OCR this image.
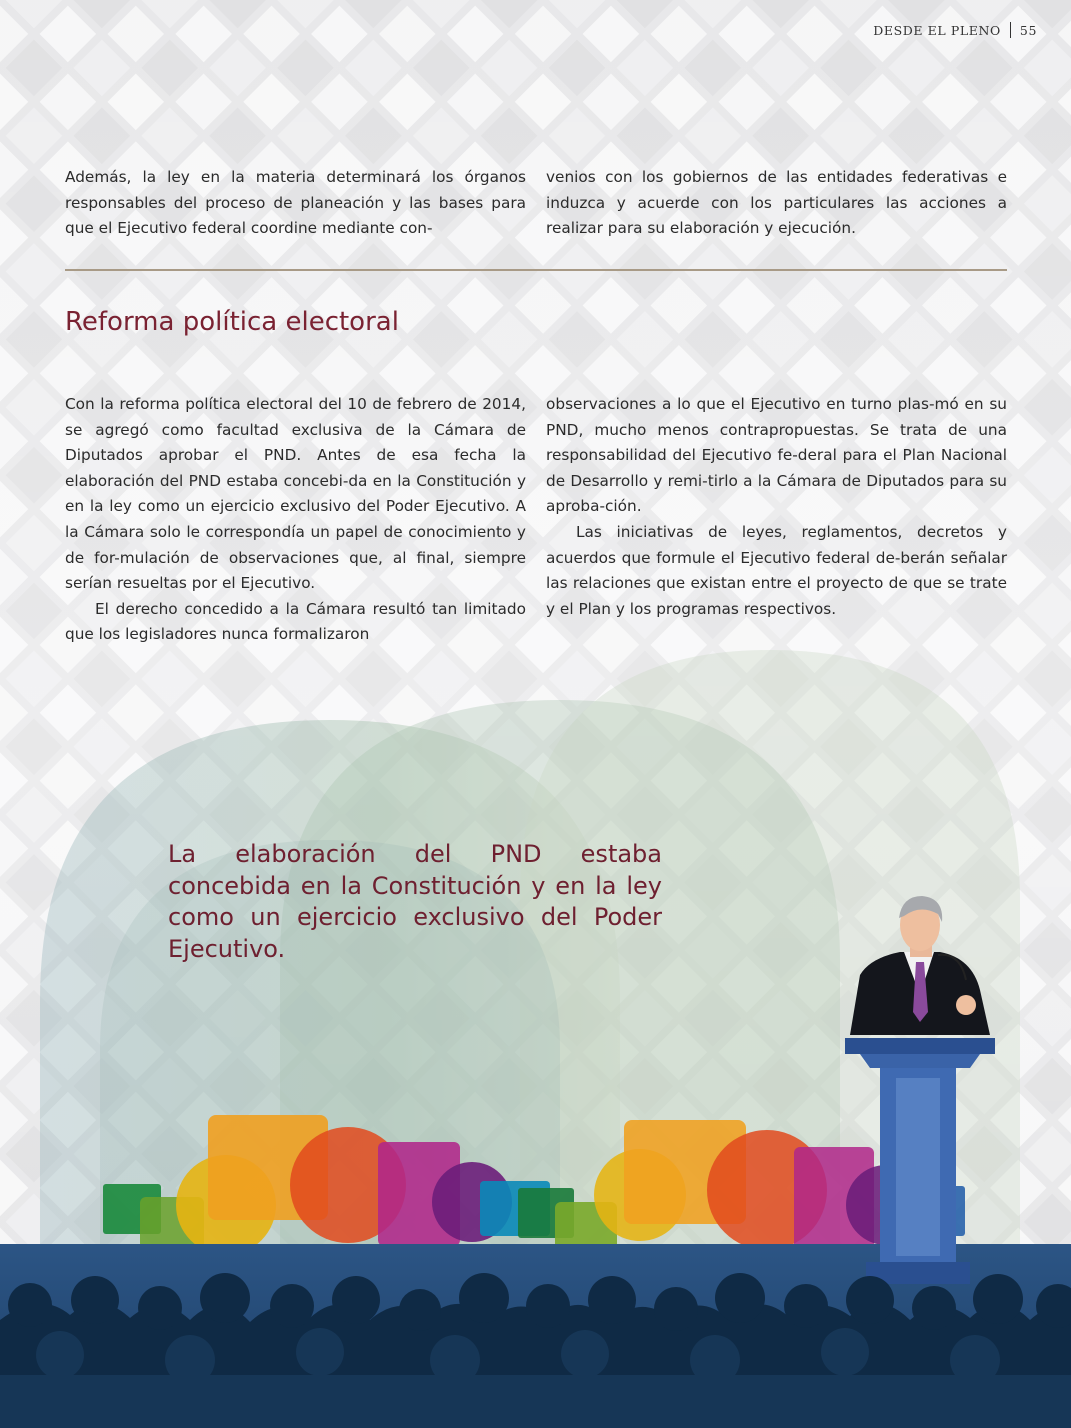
DESDE EL PLENO 55

Además, la ley en la materia determinará los órganos responsables del proceso de planeación y las bases para que el Ejecutivo federal coordine mediante con-

venios con los gobiernos de las entidades federativas e induzca y acuerde con los particulares las acciones a realizar para su elaboración y ejecución.

Reforma política electoral

Con la reforma política electoral del 10 de febrero de 2014, se agregó como facultad exclusiva de la Cámara de Diputados aprobar el PND. Antes de esa fecha la elaboración del PND estaba concebi-da en la Constitución y en la ley como un ejercicio exclusivo del Poder Ejecutivo. A la Cámara solo le correspondía un papel de conocimiento y de for-mulación de observaciones que, al final, siempre serían resueltas por el Ejecutivo.

El derecho concedido a la Cámara resultó tan limitado que los legisladores nunca formalizaron

observaciones a lo que el Ejecutivo en turno plas-mó en su PND, mucho menos contrapropuestas. Se trata de una responsabilidad del Ejecutivo fe-deral para el Plan Nacional de Desarrollo y remi-tirlo a la Cámara de Diputados para su aproba-ción.

Las iniciativas de leyes, reglamentos, decretos y acuerdos que formule el Ejecutivo federal de-berán señalar las relaciones que existan entre el proyecto de que se trate y el Plan y los programas respectivos.

La elaboración del PND estaba concebida en la Constitución y en la ley como un ejercicio exclusivo del Poder Ejecutivo.
